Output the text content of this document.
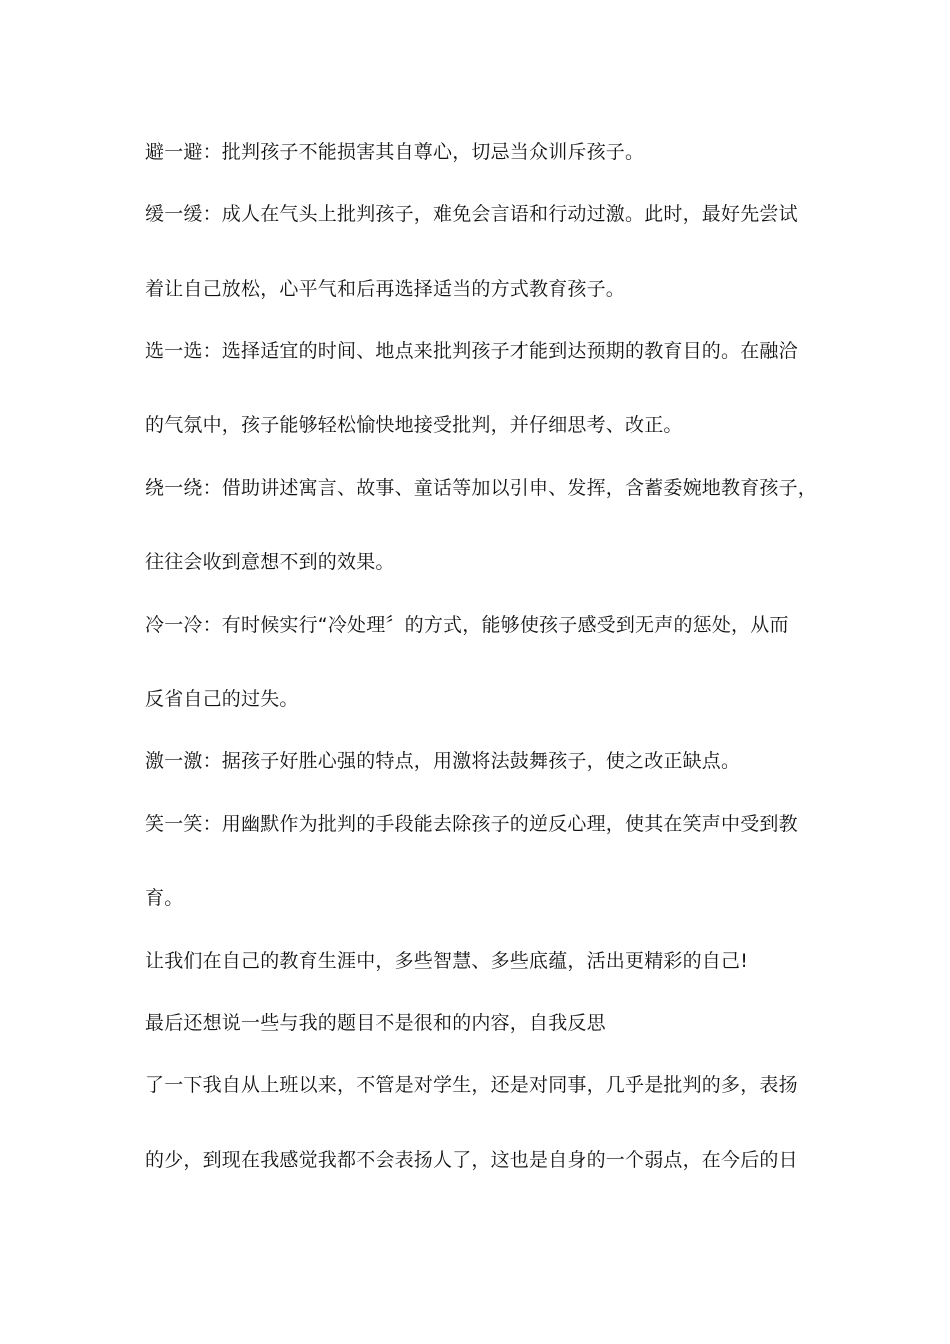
避一避：批判孩子不能损害其自尊心，切忌当众训斥孩子。
缓一缓：成人在气头上批判孩子，难免会言语和行动过激。此时，最好先尝试
着让自己放松，心平气和后再选择适当的方式教育孩子。
选一选：选择适宜的时间、地点来批判孩子才能到达预期的教育目的。在融洽
的气氛中，孩子能够轻松愉快地接受批判，并仔细思考、改正。
绕一绕：借助讲述寓言、故事、童话等加以引申、发挥，含蓄委婉地教育孩子，
往往会收到意想不到的效果。
冷一冷：有时候实行“冷处理〞的方式，能够使孩子感受到无声的惩处，从而
反省自己的过失。
激一激：据孩子好胜心强的特点，用激将法鼓舞孩子，使之改正缺点。
笑一笑：用幽默作为批判的手段能去除孩子的逆反心理，使其在笑声中受到教
育。
让我们在自己的教育生涯中，多些智慧、多些底蕴，活出更精彩的自己!
最后还想说一些与我的题目不是很和的内容，自我反思
了一下我自从上班以来，不管是对学生，还是对同事，几乎是批判的多，表扬
的少，到现在我感觉我都不会表扬人了，这也是自身的一个弱点，在今后的日
